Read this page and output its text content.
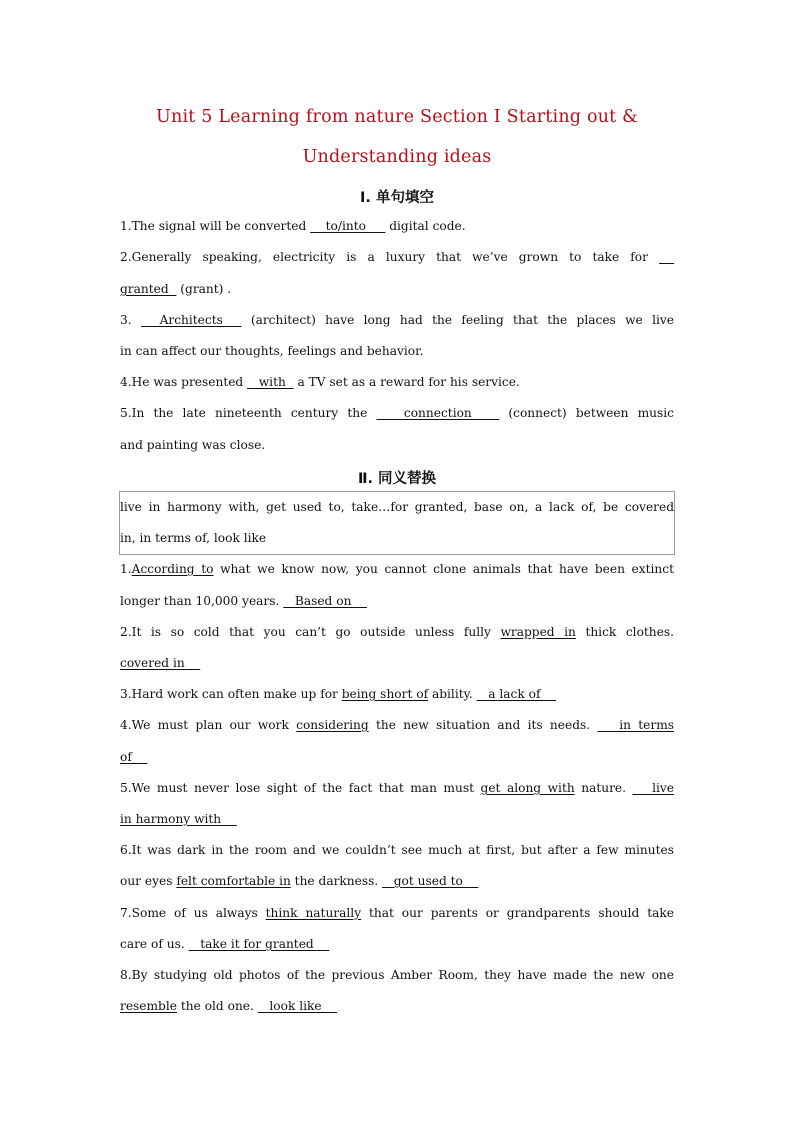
Unit 5 Learning from nature Section Ⅰ Starting out &
Understanding ideas
Ⅰ. 单句填空
1.The signal will be converted     to/into      digital code.
2.Generally speaking, electricity is a luxury that we’ve grown to take for
granted   (grant) .
3.   Architects   (architect) have long had the feeling that the places we live
in can affect our thoughts, feelings and behavior.
4.He was presented    with   a TV set as a reward for his service.
5.In the late nineteenth century the    connection    (connect) between music
and painting was close.
Ⅱ. 同义替换
live in harmony with, get used to, take…for granted, base on, a lack of, be covered
in, in terms of, look like
1.According to what we know now, you cannot clone animals that have been extinct
longer than 10,000 years.    Based on
2.It is so cold that you can’t go outside unless fully wrapped in thick clothes.
covered in
3.Hard work can often make up for being short of ability.    a lack of
4.We must plan our work considering the new situation and its needs.    in terms
of
5.We must never lose sight of the fact that man must get along with nature.    live
in harmony with
6.It was dark in the room and we couldn’t see much at first, but after a few minutes
our eyes felt comfortable in the darkness.    got used to
7.Some of us always think naturally that our parents or grandparents should take
care of us.    take it for granted
8.By studying old photos of the previous Amber Room, they have made the new one
resemble the old one.    look like
